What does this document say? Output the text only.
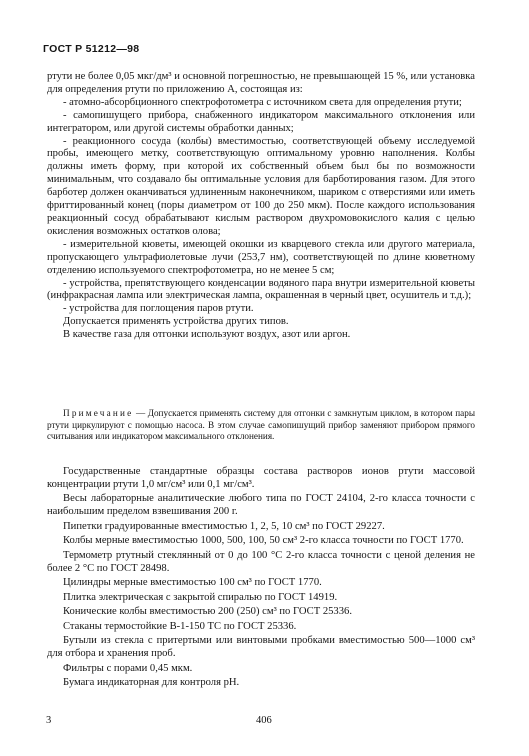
ГОСТ Р 51212—98

ртути не более 0,05 мкг/дм³ и основной погрешностью, не превышающей 15 %, или установка для определения ртути по приложению А, состоящая из:

- атомно-абсорбционного спектрофотометра с источником света для определения ртути;

- самопишущего прибора, снабженного индикатором максимального отклонения или интегратором, или другой системы обработки данных;

- реакционного сосуда (колбы) вместимостью, соответствующей объему исследуемой пробы, имеющего метку, соответствующую оптимальному уровню наполнения. Колбы должны иметь форму, при которой их собственный объем был бы по возможности минимальным, что создавало бы оптимальные условия для барботирования газом. Для этого барботер должен оканчиваться удлиненным наконечником, шариком с отверстиями или иметь фриттированный конец (поры диаметром от 100 до 250 мкм). После каждого использования реакционный сосуд обрабатывают кислым раствором двухромовокислого калия с целью окисления возможных остатков олова;

- измерительной кюветы, имеющей окошки из кварцевого стекла или другого материала, пропускающего ультрафиолетовые лучи (253,7 нм), соответствующей по длине кюветному отделению используемого спектрофотометра, но не менее 5 см;

- устройства, препятствующего конденсации водяного пара внутри измерительной кюветы (инфракрасная лампа или электрическая лампа, окрашенная в черный цвет, осушитель и т.д.);

- устройства для поглощения паров ртути.

Допускается применять устройства других типов.

В качестве газа для отгонки используют воздух, азот или аргон.

Примечание — Допускается применять систему для отгонки с замкнутым циклом, в котором пары ртути циркулируют с помощью насоса. В этом случае самопишущий прибор заменяют прибором прямого считывания или индикатором максимального отклонения.

Государственные стандартные образцы состава растворов ионов ртути массовой концентрации ртути 1,0 мг/см³ или 0,1 мг/см³.

Весы лабораторные аналитические любого типа по ГОСТ 24104, 2-го класса точности с наибольшим пределом взвешивания 200 г.

Пипетки градуированные вместимостью 1, 2, 5, 10 см³ по ГОСТ 29227.

Колбы мерные вместимостью 1000, 500, 100, 50 см³ 2-го класса точности по ГОСТ 1770.

Термометр ртутный стеклянный от 0 до 100 °С 2-го класса точности с ценой деления не более 2 °С по ГОСТ 28498.

Цилиндры мерные вместимостью 100 см³ по ГОСТ 1770.

Плитка электрическая с закрытой спиралью по ГОСТ 14919.

Конические колбы вместимостью 200 (250) см³ по ГОСТ 25336.

Стаканы термостойкие В-1-150 ТС по ГОСТ 25336.

Бутыли из стекла с притертыми или винтовыми пробками вместимостью 500—1000 см³ для отбора и хранения проб.

Фильтры с порами 0,45 мкм.

Бумага индикаторная для контроля рН.

3	406
